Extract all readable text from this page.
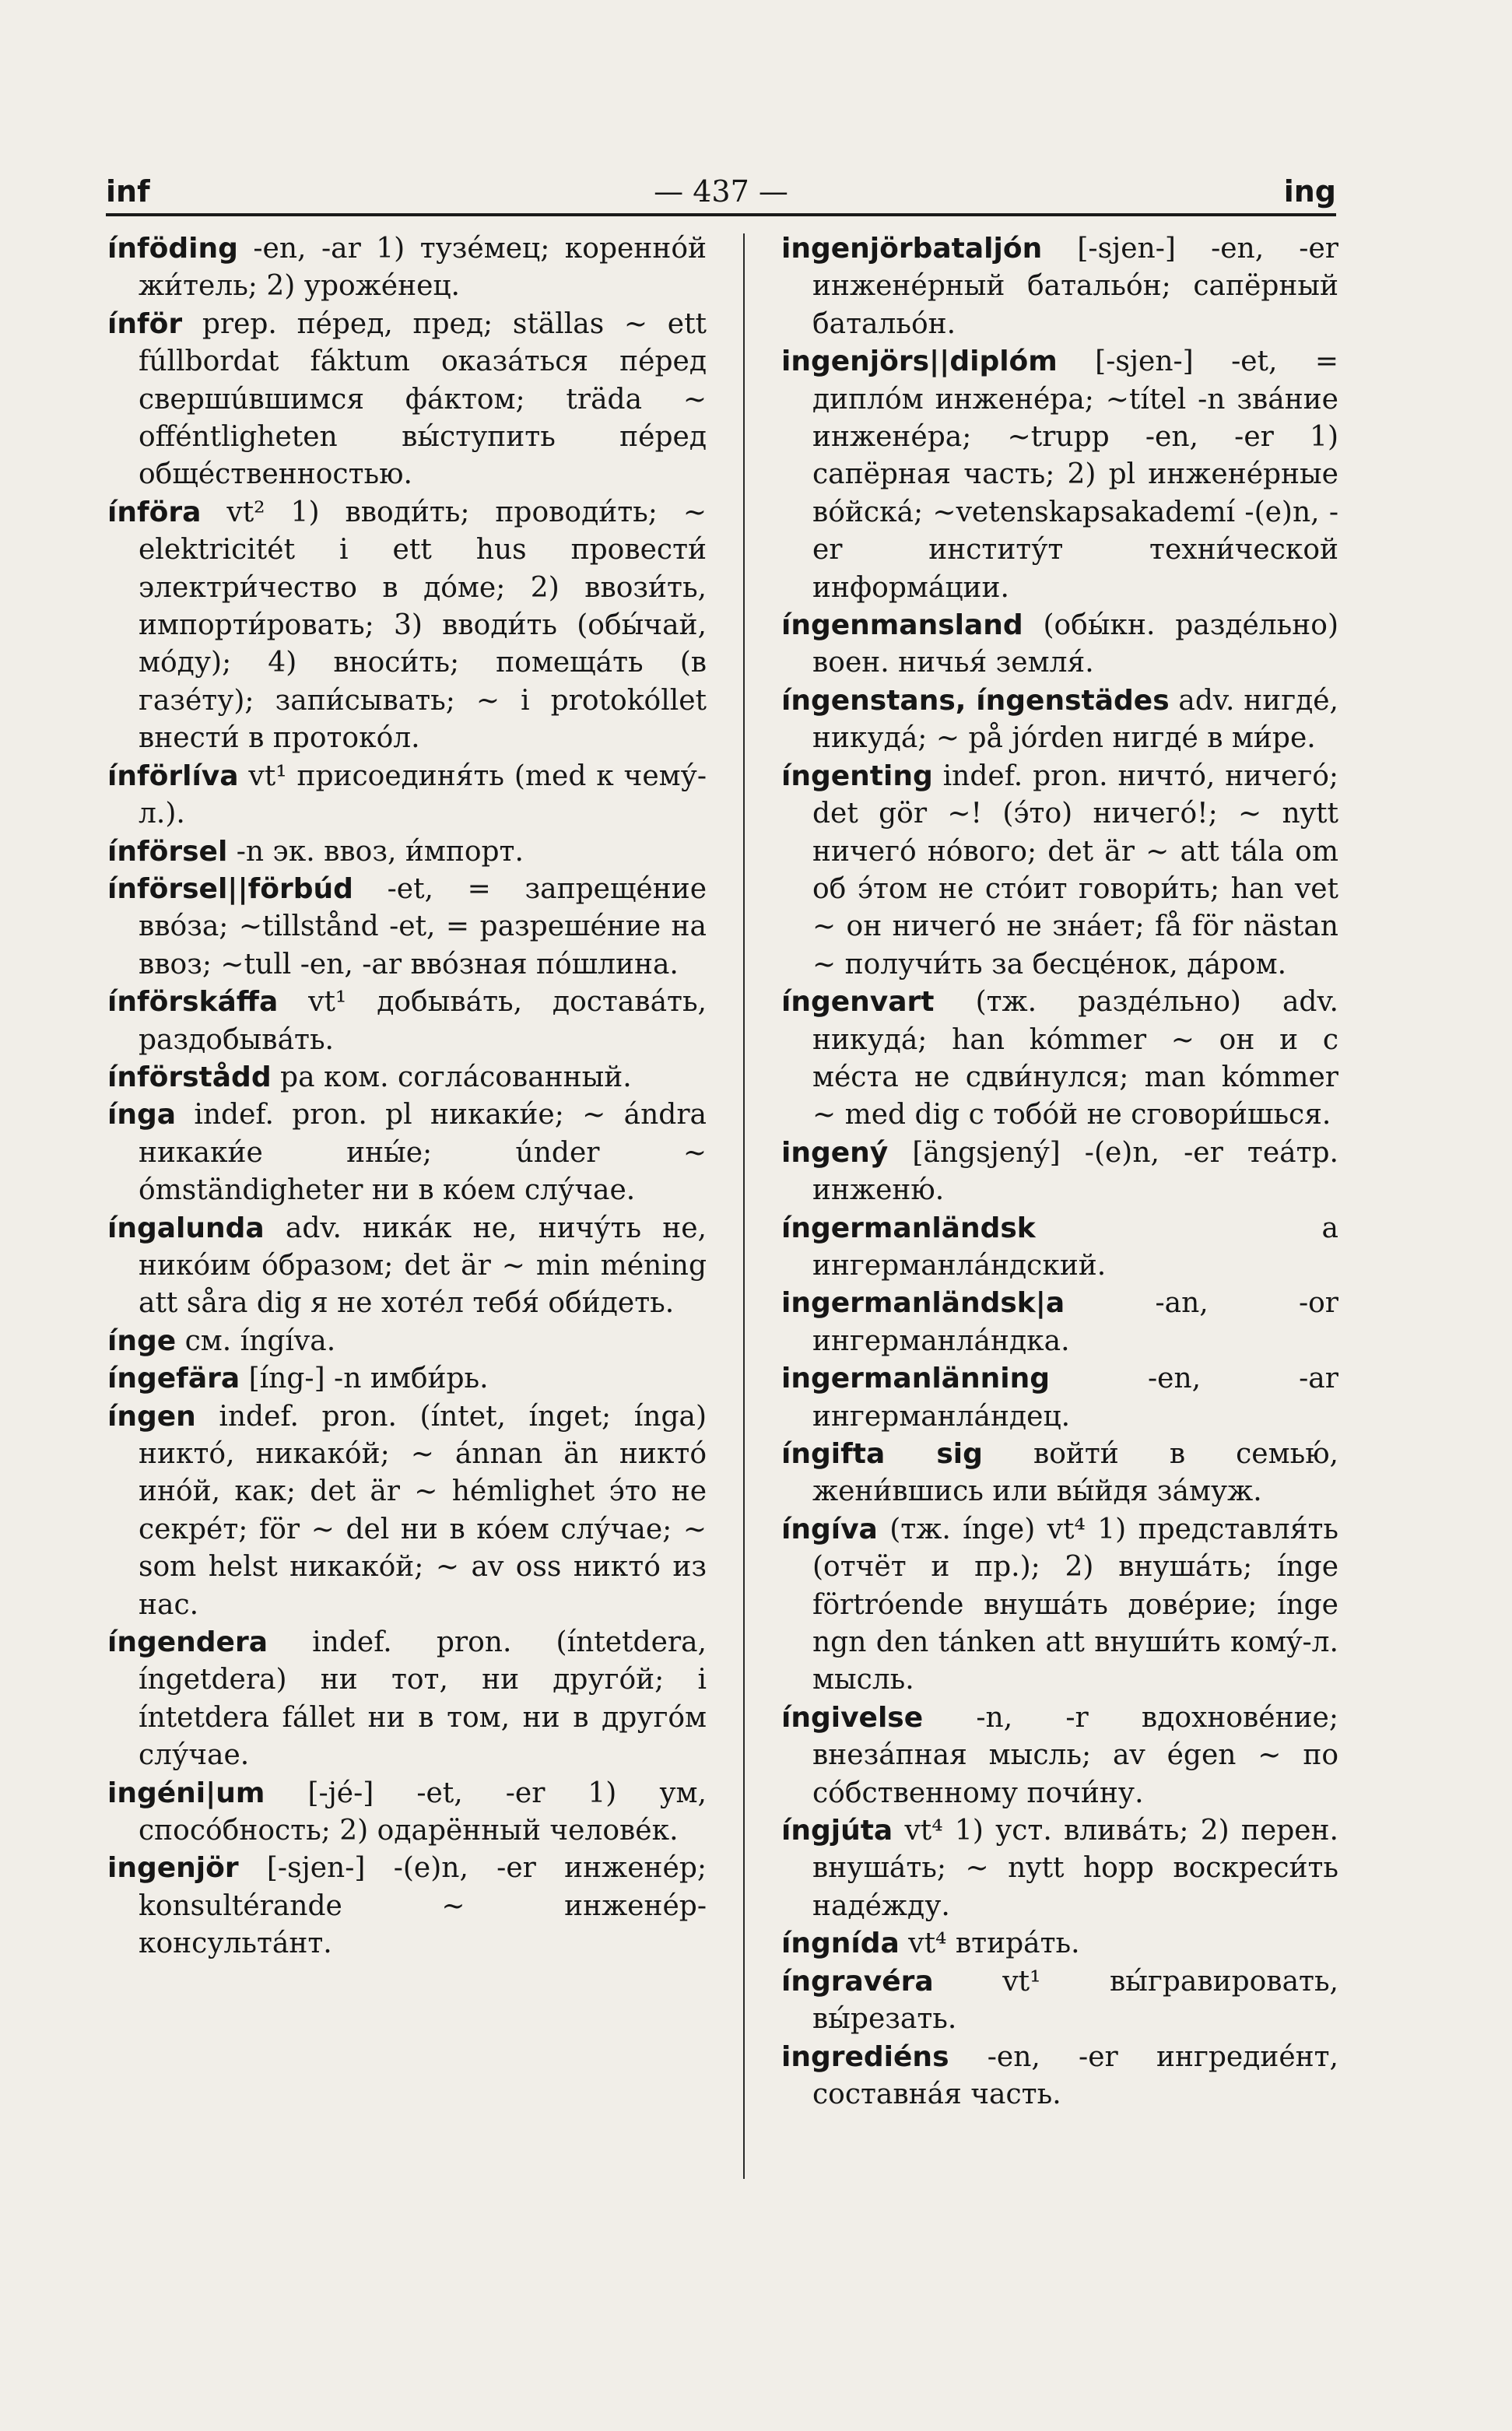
inf	— 437 —	ing

ínföding -en, -ar 1) тузéмец; коренно́й жи́тель; 2) урожéнец.

ínför prep. пéред, пред; ställas ~ ett fúllbordat fáktum оказáться пéред свершúвшимся фáктом; träda ~ offéntligheten вы́ступить пéред общéственностью.

ínföra vt² 1) вводи́ть; проводи́ть; ~ elektricitét i ett hus провести́ электри́чество в дóме; 2) ввози́ть, импорти́ровать; 3) вводи́ть (обы́чай, мóду); 4) вноси́ть; помещáть (в газéту); запи́сывать; ~ i protokóllet внести́ в протокóл.

ínförlíva vt¹ присоединя́ть (med к чему́-л.).

ínförsel -n эк. ввоз, и́мпорт.

ínförsel||förbúd -et, = запрещéние ввóза; ~tillstånd -et, = разрешéние на ввоз; ~tull -en, -ar ввóзная пóшлина.

ínförskáffa vt¹ добывáть, доставáть, раздобывáть.

ínförstådd pa ком. соглáсованный.

ínga indef. pron. pl никаки́е; ~ ándra никаки́е ины́е; únder ~ ómständigheter ни в кóем слу́чае.

íngalunda adv. никáк не, ничу́ть не, никóим óбразом; det är ~ min méning att såra dig я не хотéл тебя́ оби́деть.

ínge см. íngíva.

íngefära [íng-] -n имби́рь.

íngen indef. pron. (íntet, ínget; ínga) никтó, никакóй; ~ ánnan än никтó инóй, как; det är ~ hémlighet э́то не секрéт; för ~ del ни в кóем слу́чае; ~ som helst никакóй; ~ av oss никтó из нас.

íngendera indef. pron. (íntetdera, íngetdera) ни тот, ни другóй; i íntetdera fállet ни в том, ни в другóм слу́чае.

ingéni|um [-jé-] -et, -er 1) ум, спосóбность; 2) одарённый человéк.

ingenjör [-sjen-] -(e)n, -er инженéр; konsultérande ~ инженéр-консультáнт.

ingenjörbataljón [-sjen-] -en, -er инженéрный батальóн; сапёрный батальóн.

ingenjörs||diplóm [-sjen-] -et, = диплóм инженéра; ~títel -n звáние инженéра; ~trupp -en, -er 1) сапёрная часть; 2) pl инженéрные вóйскá; ~vetenskapsakademí -(e)n, -er институ́т техни́ческой информáции.

íngenmansland (обы́кн. раздéльно) воен. ничья́ земля́.

íngenstans, íngenstädes adv. нигдé, никудá; ~ på jórden нигдé в ми́ре.

íngenting indef. pron. ничтó, ничегó; det gör ~! (э́то) ничегó!; ~ nytt ничегó нóвого; det är ~ att tála om об э́том не стóит говори́ть; han vet ~ он ничегó не знáет; få för nästan ~ получи́ть за бесцéнок, дáром.

íngenvart (тж. раздéльно) adv. никудá; han kómmer ~ он и с мéста не сдви́нулся; man kómmer ~ med dig с тобóй не сговори́шься.

ingený [ängsjený] -(e)n, -er теáтр. инженю́.

íngermanländsk	a ингерманлáндский.

ingermanländsk|a	-an, -or ингерманлáндка.

ingermanlänning	-en, -ar ингерманлáндец.

íngifta sig войти́ в семью́, жени́вшись или вы́йдя зáмуж.

íngíva (тж. ínge) vt⁴ 1) представля́ть (отчёт и пр.); 2) внушáть; ínge förtróende внушáть довéрие; ínge ngn den tánken att внуши́ть комý-л. мысль.

íngivelse -n, -r вдохновéние; внезáпная мысль; av égen ~ по сóбственному почи́ну.

íngjúta vt⁴ 1) уст. вливáть; 2) перен. внушáть; ~ nytt hopp воскреси́ть надéжду.

íngnída vt⁴ втирáть.

íngravéra vt¹ вы́гравировать, вы́резать.

ingrediéns -en, -er ингредиéнт, составнáя часть.
